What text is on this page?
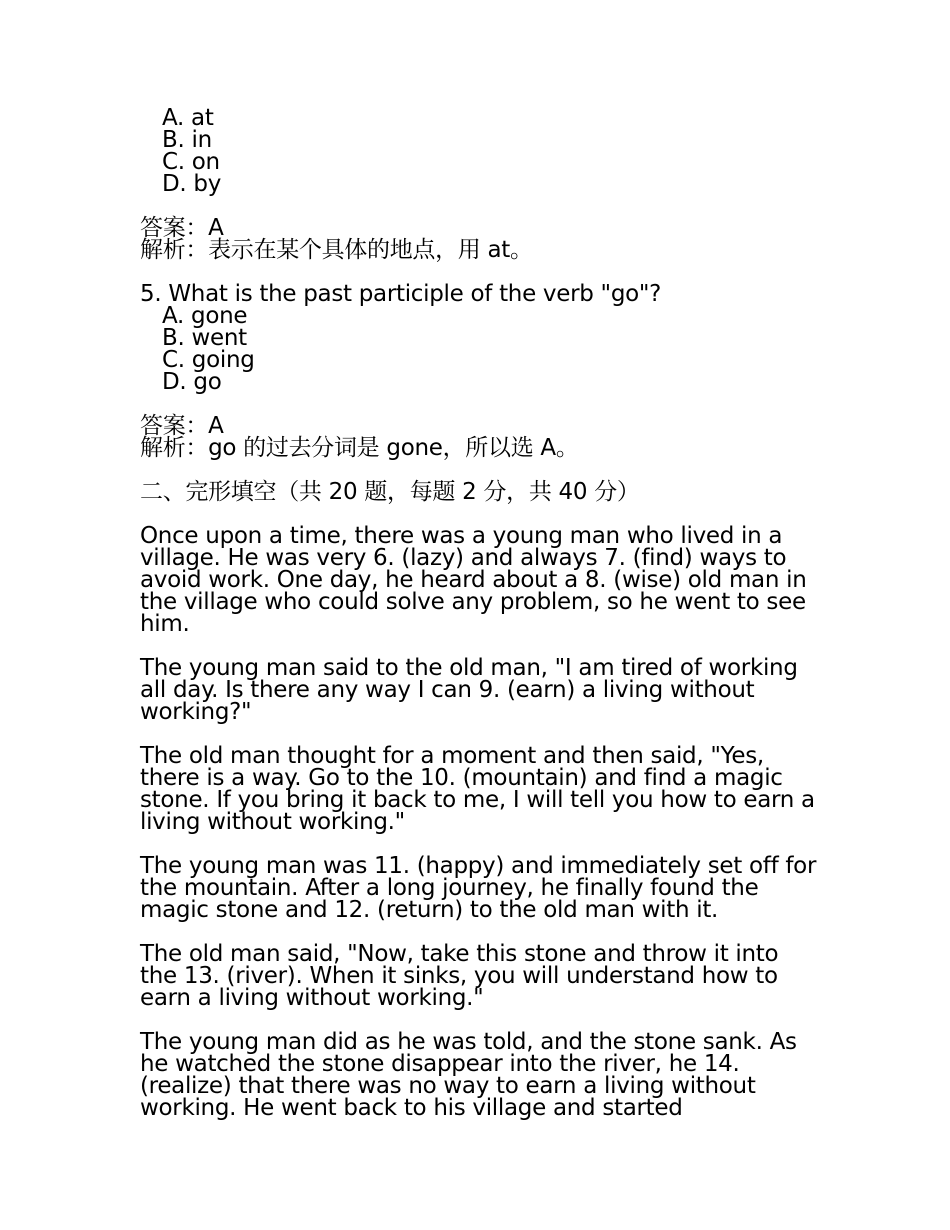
A. at
B. in
C. on
D. by
答案：A
解析：表示在某个具体的地点，用 at。
5. What is the past participle of the verb "go"?
A. gone
B. went
C. going
D. go
答案：A
解析：go 的过去分词是 gone，所以选 A。
二、完形填空（共 20 题，每题 2 分，共 40 分）

Once upon a time, there was a young man who lived in a village. He was very 6. (lazy) and always 7. (find) ways to avoid work. One day, he heard about a 8. (wise) old man in the village who could solve any problem, so he went to see him.

The young man said to the old man, "I am tired of working all day. Is there any way I can 9. (earn) a living without working?"

The old man thought for a moment and then said, "Yes, there is a way. Go to the 10. (mountain) and find a magic stone. If you bring it back to me, I will tell you how to earn a living without working."

The young man was 11. (happy) and immediately set off for the mountain. After a long journey, he finally found the magic stone and 12. (return) to the old man with it.

The old man said, "Now, take this stone and throw it into the 13. (river). When it sinks, you will understand how to earn a living without working."

The young man did as he was told, and the stone sank. As he watched the stone disappear into the river, he 14. (realize) that there was no way to earn a living without working. He went back to his village and started
